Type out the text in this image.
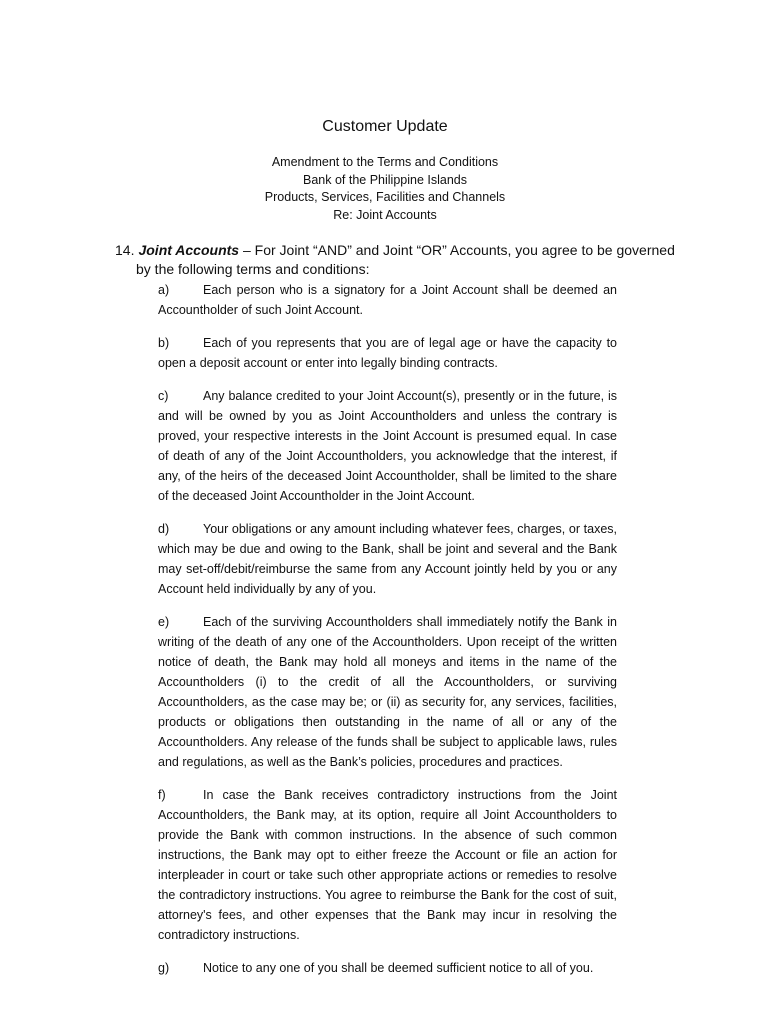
Customer Update
Amendment to the Terms and Conditions
Bank of the Philippine Islands
Products, Services, Facilities and Channels
Re: Joint Accounts
14. Joint Accounts – For Joint “AND” and Joint “OR” Accounts, you agree to be governed
by the following terms and conditions:

a)	Each person who is a signatory for a Joint Account shall be deemed an Accountholder of such Joint Account.

b)	Each of you represents that you are of legal age or have the capacity to open a deposit account or enter into legally binding contracts.

c)	Any balance credited to your Joint Account(s), presently or in the future, is and will be owned by you as Joint Accountholders and unless the contrary is proved, your respective interests in the Joint Account is presumed equal. In case of death of any of the Joint Accountholders, you acknowledge that the interest, if any, of the heirs of the deceased Joint Accountholder, shall be limited to the share of the deceased Joint Accountholder in the Joint Account.

d)	Your obligations or any amount including whatever fees, charges, or taxes, which may be due and owing to the Bank, shall be joint and several and the Bank may set-off/debit/reimburse the same from any Account jointly held by you or any Account held individually by any of you.

e)	Each of the surviving Accountholders shall immediately notify the Bank in writing of the death of any one of the Accountholders. Upon receipt of the written notice of death, the Bank may hold all moneys and items in the name of the Accountholders (i) to the credit of all the Accountholders, or surviving Accountholders, as the case may be; or (ii) as security for, any services, facilities, products or obligations then outstanding in the name of all or any of the Accountholders. Any release of the funds shall be subject to applicable laws, rules and regulations, as well as the Bank’s policies, procedures and practices.

f)	In case the Bank receives contradictory instructions from the Joint Accountholders, the Bank may, at its option, require all Joint Accountholders to provide the Bank with common instructions. In the absence of such common instructions, the Bank may opt to either freeze the Account or file an action for interpleader in court or take such other appropriate actions or remedies to resolve the contradictory instructions. You agree to reimburse the Bank for the cost of suit, attorney's fees, and other expenses that the Bank may incur in resolving the contradictory instructions.

g)	Notice to any one of you shall be deemed sufficient notice to all of you.
